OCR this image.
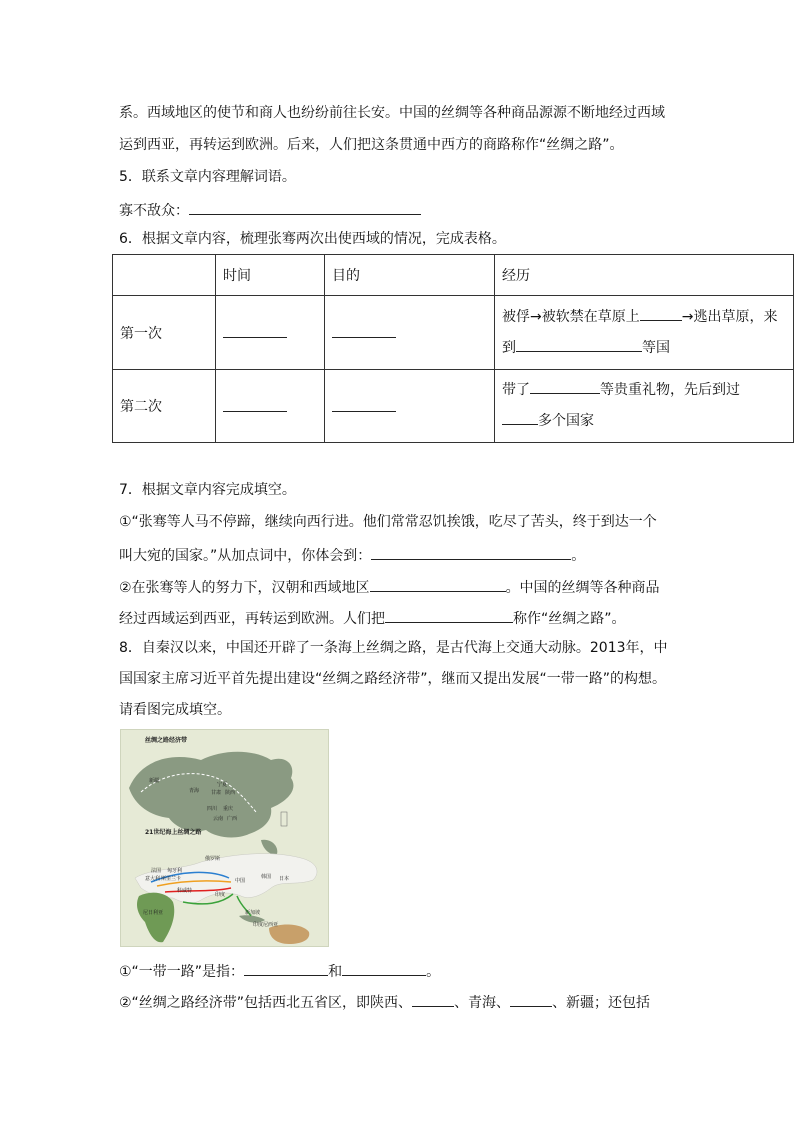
系。西域地区的使节和商人也纷纷前往长安。中国的丝绸等各种商品源源不断地经过西域
运到西亚，再转运到欧洲。后来，人们把这条贯通中西方的商路称作“丝绸之路”。
5．联系文章内容理解词语。
寡不敌众：
6．根据文章内容，梳理张骞两次出使西域的情况，完成表格。
	时间	目的	经历
第一次			被俘→被软禁在草原上 →逃出草原，来
到 等国
第二次			带了 等贵重礼物，先后到过
多个国家
7．根据文章内容完成填空。
①“张骞等人马不停蹄，继续向西行进。他们常常忍饥挨饿，吃尽了苦头，终于到达一个
叫大宛的国家。”从加点词中，你体会到：	。
②在张骞等人的努力下，汉朝和西域地区	。中国的丝绸等各种商品
经过西域运到西亚，再转运到欧洲。人们把	称作“丝绸之路”。
8．自秦汉以来，中国还开辟了一条海上丝绸之路，是古代海上交通大动脉。2013年，中
国国家主席习近平首先提出建设“丝绸之路经济带”，继而又提出发展“一带一路”的构想。
请看图完成填空。
丝绸之路经济带
新疆
青海
宁夏
甘肃 陕西
四川 重庆
云南 广西
21世纪海上丝绸之路
俄罗斯
法国 匈牙利
意大利 斯里兰卡
印度
中国
韩国 日本
科威特
尼日利亚	新加坡
印度尼西亚
①“一带一路”是指：	和	。
②“丝绸之路经济带”包括西北五省区，即陕西、	、青海、	、新疆；还包括
